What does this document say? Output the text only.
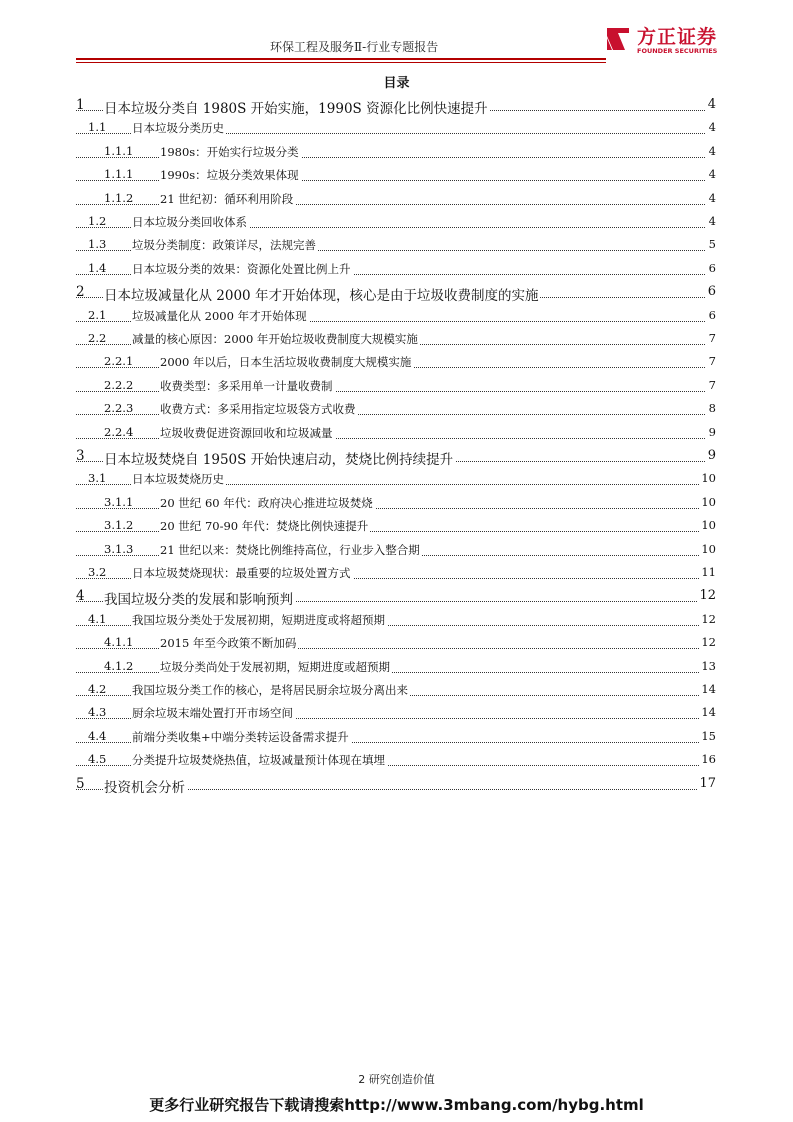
环保工程及服务Ⅱ-行业专题报告	方正证券
FOUNDER SECURITIES
目录
1 日本垃圾分类自 1980S 开始实施，1990S 资源化比例快速提升	4
1.1 日本垃圾分类历史	4
1.1.1 1980s：开始实行垃圾分类	4
1.1.1 1990s：垃圾分类效果体现	4
1.1.2 21 世纪初：循环利用阶段	4
1.2 日本垃圾分类回收体系	4
1.3 垃圾分类制度：政策详尽，法规完善	5
1.4 日本垃圾分类的效果：资源化处置比例上升	6
2 日本垃圾减量化从 2000 年才开始体现，核心是由于垃圾收费制度的实施	6
2.1 垃圾减量化从 2000 年才开始体现	6
2.2 减量的核心原因：2000 年开始垃圾收费制度大规模实施	7
2.2.1 2000 年以后，日本生活垃圾收费制度大规模实施	7
2.2.2 收费类型：多采用单一计量收费制	7
2.2.3 收费方式：多采用指定垃圾袋方式收费	8
2.2.4 垃圾收费促进资源回收和垃圾减量	9
3 日本垃圾焚烧自 1950S 开始快速启动，焚烧比例持续提升	9
3.1 日本垃圾焚烧历史	10
3.1.1 20 世纪 60 年代：政府决心推进垃圾焚烧	10
3.1.2 20 世纪 70-90 年代：焚烧比例快速提升	10
3.1.3 21 世纪以来：焚烧比例维持高位，行业步入整合期	10
3.2 日本垃圾焚烧现状：最重要的垃圾处置方式	11
4 我国垃圾分类的发展和影响预判	12
4.1 我国垃圾分类处于发展初期，短期进度或将超预期	12
4.1.1 2015 年至今政策不断加码	12
4.1.2 垃圾分类尚处于发展初期，短期进度或超预期	13
4.2 我国垃圾分类工作的核心，是将居民厨余垃圾分离出来	14
4.3 厨余垃圾末端处置打开市场空间	14
4.4 前端分类收集+中端分类转运设备需求提升	15
4.5 分类提升垃圾焚烧热值，垃圾减量预计体现在填埋	16
5 投资机会分析	17
2 研究创造价值
更多行业研究报告下载请搜索http://www.3mbang.com/hybg.html
